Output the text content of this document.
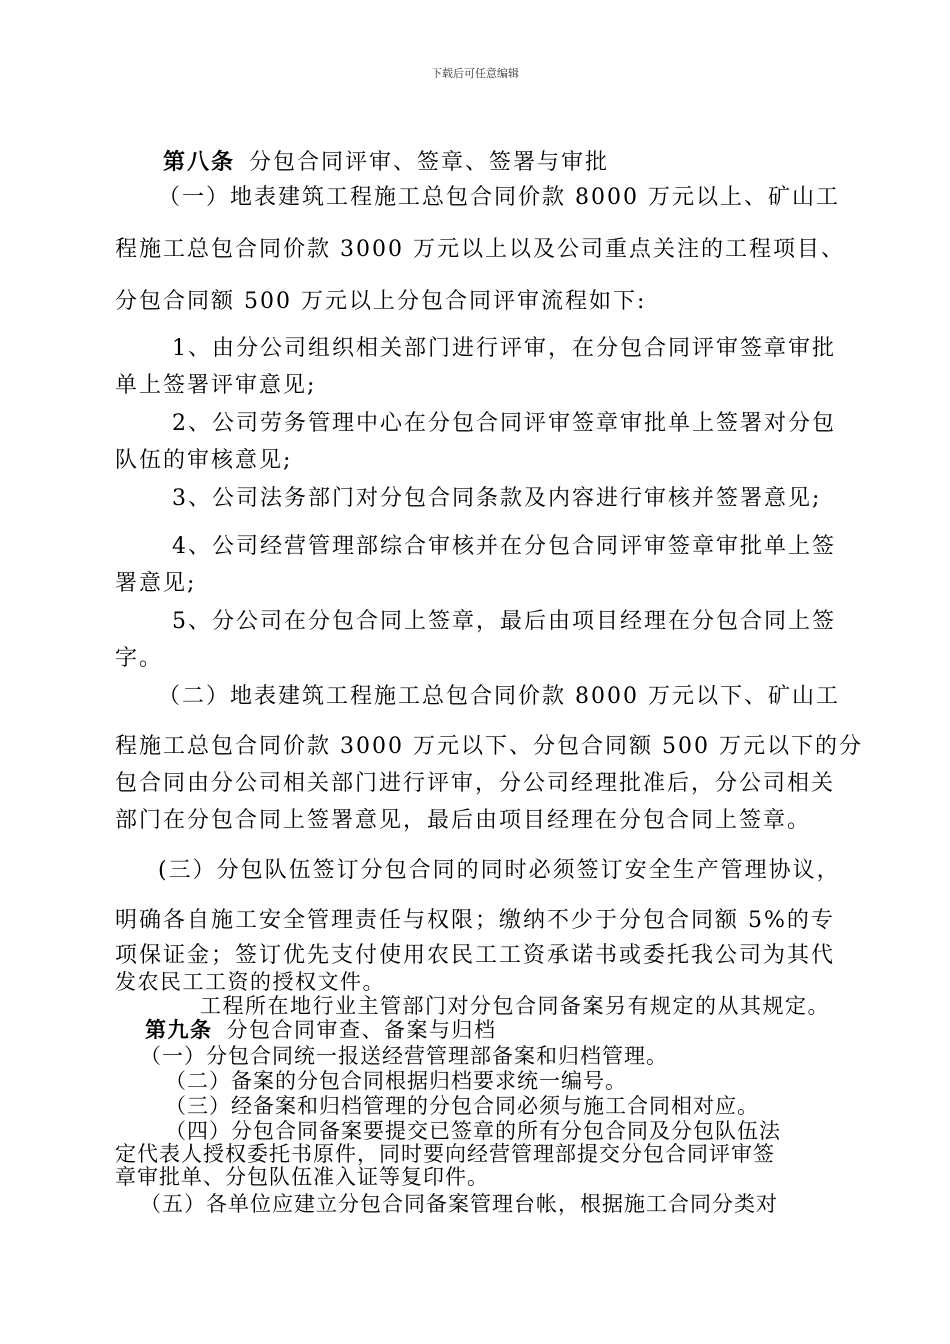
下载后可任意编辑
第八条 分包合同评审、签章、签署与审批
（一）地表建筑工程施工总包合同价款 8000 万元以上、矿山工
程施工总包合同价款 3000 万元以上以及公司重点关注的工程项目、
分包合同额 500 万元以上分包合同评审流程如下:
1、由分公司组织相关部门进行评审，在分包合同评审签章审批
单上签署评审意见;
2、公司劳务管理中心在分包合同评审签章审批单上签署对分包
队伍的审核意见;
3、公司法务部门对分包合同条款及内容进行审核并签署意见;
4、公司经营管理部综合审核并在分包合同评审签章审批单上签
署意见;
5、分公司在分包合同上签章，最后由项目经理在分包合同上签
字。
（二）地表建筑工程施工总包合同价款 8000 万元以下、矿山工
程施工总包合同价款 3000 万元以下、分包合同额 500 万元以下的分
包合同由分公司相关部门进行评审，分公司经理批准后，分公司相关
部门在分包合同上签署意见，最后由项目经理在分包合同上签章。
(三）分包队伍签订分包合同的同时必须签订安全生产管理协议，
明确各自施工安全管理责任与权限；缴纳不少于分包合同额 5%的专
项保证金；签订优先支付使用农民工工资承诺书或委托我公司为其代
发农民工工资的授权文件。
工程所在地行业主管部门对分包合同备案另有规定的从其规定。
第九条 分包合同审查、备案与归档
（一）分包合同统一报送经营管理部备案和归档管理。
（二）备案的分包合同根据归档要求统一编号。
（三）经备案和归档管理的分包合同必须与施工合同相对应。
（四）分包合同备案要提交已签章的所有分包合同及分包队伍法
定代表人授权委托书原件，同时要向经营管理部提交分包合同评审签
章审批单、分包队伍准入证等复印件。
（五）各单位应建立分包合同备案管理台帐，根据施工合同分类对
